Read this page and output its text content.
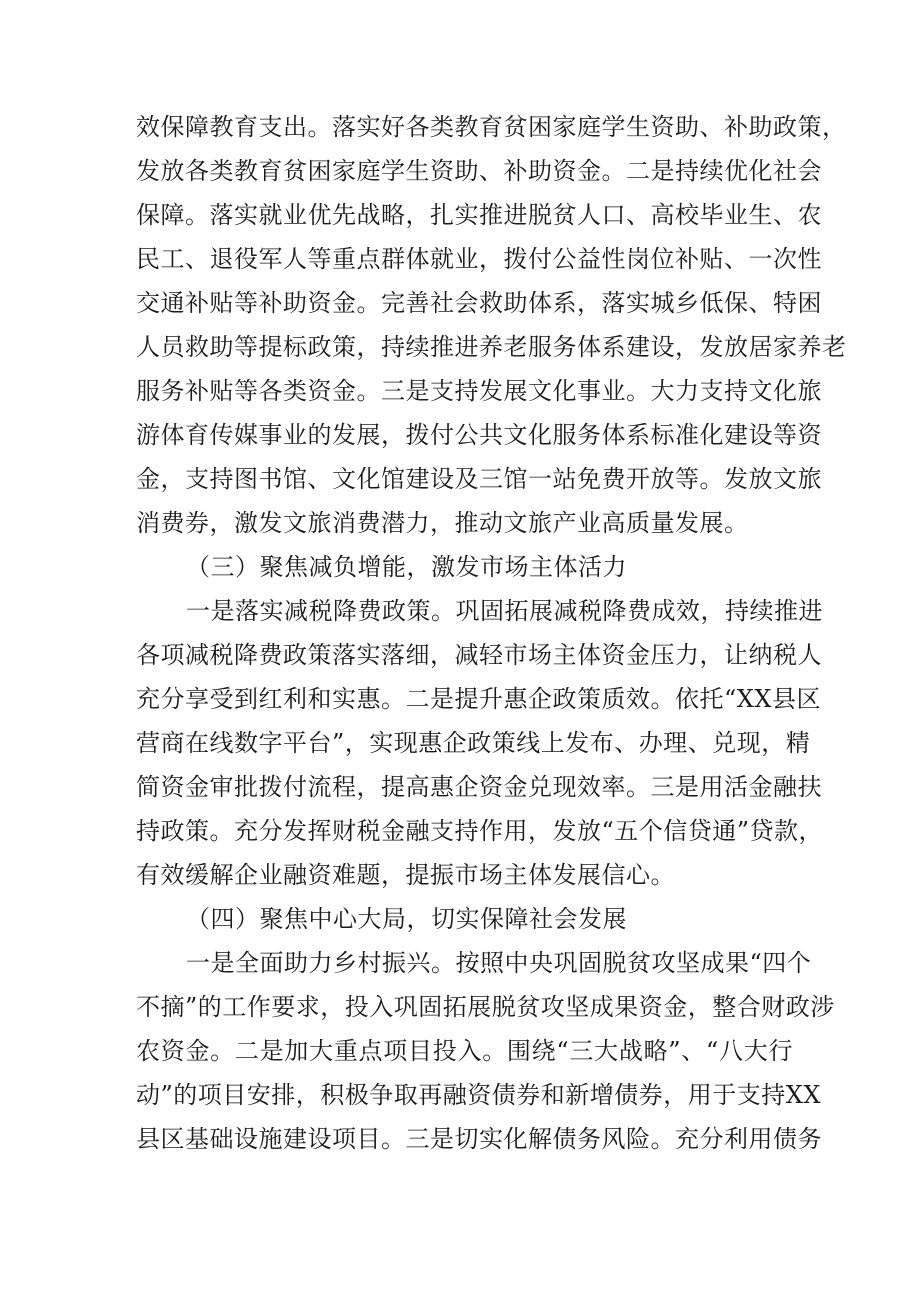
效保障教育支出。落实好各类教育贫困家庭学生资助、补助政策，
发放各类教育贫困家庭学生资助、补助资金。二是持续优化社会
保障。落实就业优先战略，扎实推进脱贫人口、高校毕业生、农
民工、退役军人等重点群体就业，拨付公益性岗位补贴、一次性
交通补贴等补助资金。完善社会救助体系，落实城乡低保、特困
人员救助等提标政策，持续推进养老服务体系建设，发放居家养老
服务补贴等各类资金。三是支持发展文化事业。大力支持文化旅
游体育传媒事业的发展，拨付公共文化服务体系标准化建设等资
金，支持图书馆、文化馆建设及三馆一站免费开放等。发放文旅
消费券，激发文旅消费潜力，推动文旅产业高质量发展。
（三）聚焦减负增能，激发市场主体活力
一是落实减税降费政策。巩固拓展减税降费成效，持续推进
各项减税降费政策落实落细，减轻市场主体资金压力，让纳税人
充分享受到红利和实惠。二是提升惠企政策质效。依托“XX县区
营商在线数字平台”，实现惠企政策线上发布、办理、兑现，精
简资金审批拨付流程，提高惠企资金兑现效率。三是用活金融扶
持政策。充分发挥财税金融支持作用，发放“五个信贷通”贷款，
有效缓解企业融资难题，提振市场主体发展信心。
（四）聚焦中心大局，切实保障社会发展
一是全面助力乡村振兴。按照中央巩固脱贫攻坚成果“四个
不摘”的工作要求，投入巩固拓展脱贫攻坚成果资金，整合财政涉
农资金。二是加大重点项目投入。围绕“三大战略”、“八大行
动”的项目安排，积极争取再融资债券和新增债券，用于支持XX
县区基础设施建设项目。三是切实化解债务风险。充分利用债务
